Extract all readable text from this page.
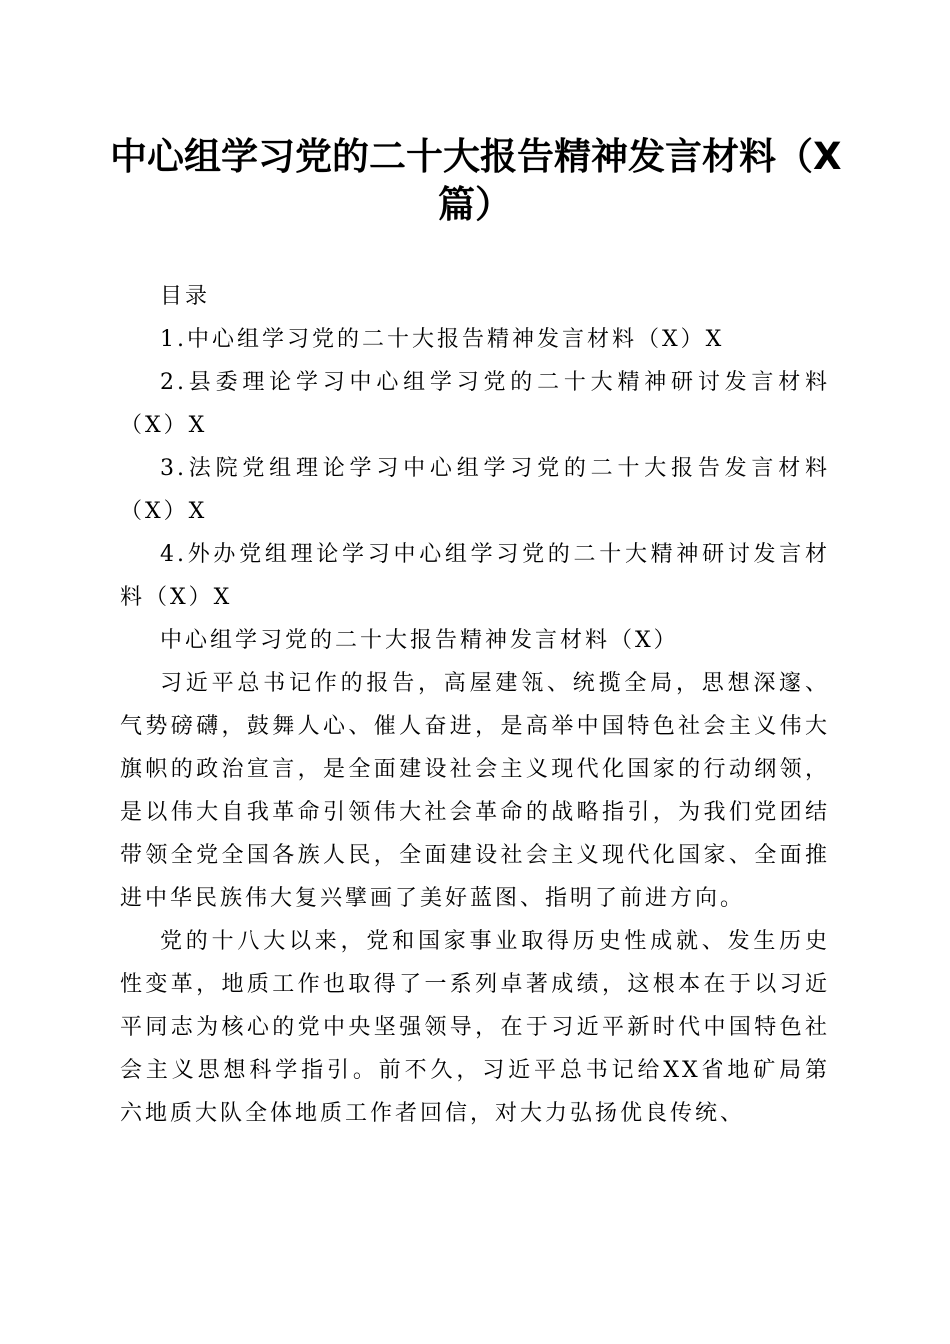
中心组学习党的二十大报告精神发言材料（X
篇）

目录

1.中心组学习党的二十大报告精神发言材料（X）X

2.县委理论学习中心组学习党的二十大精神研讨发言材料（X）X

3.法院党组理论学习中心组学习党的二十大报告发言材料（X）X

4.外办党组理论学习中心组学习党的二十大精神研讨发言材料（X）X

中心组学习党的二十大报告精神发言材料（X）

习近平总书记作的报告，高屋建瓴、统揽全局，思想深邃、气势磅礴，鼓舞人心、催人奋进，是高举中国特色社会主义伟大旗帜的政治宣言，是全面建设社会主义现代化国家的行动纲领，是以伟大自我革命引领伟大社会革命的战略指引，为我们党团结带领全党全国各族人民，全面建设社会主义现代化国家、全面推进中华民族伟大复兴擘画了美好蓝图、指明了前进方向。

党的十八大以来，党和国家事业取得历史性成就、发生历史性变革，地质工作也取得了一系列卓著成绩，这根本在于以习近平同志为核心的党中央坚强领导，在于习近平新时代中国特色社会主义思想科学指引。前不久，习近平总书记给XX省地矿局第六地质大队全体地质工作者回信，对大力弘扬优良传统、
